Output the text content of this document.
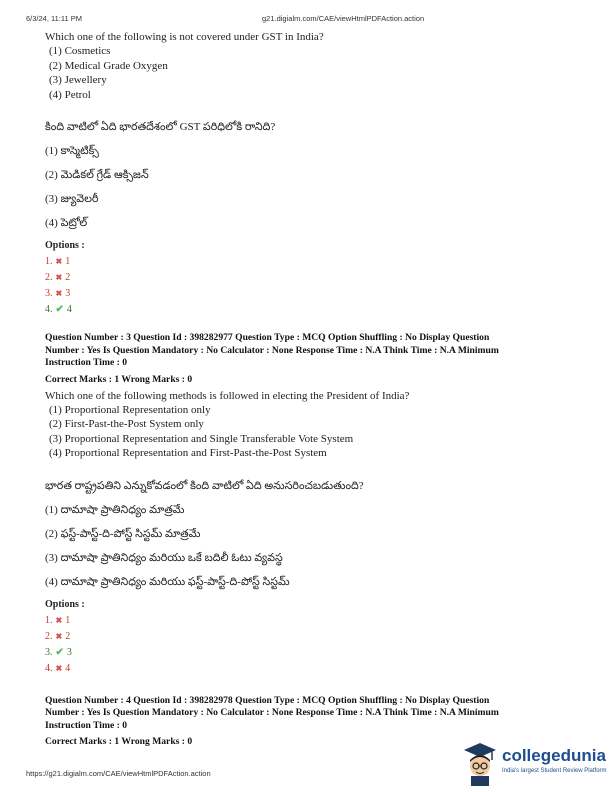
6/3/24, 11:11 PM	g21.digialm.com/CAE/viewHtmlPDFAction.action

Which one of the following is not covered under GST in India?

(1) Cosmetics
(2) Medical Grade Oxygen
(3) Jewellery
(4) Petrol
కింది వాటిలో ఏది భారతదేశంలో GST పరిధిలోకి రానిది?
(1) కాస్మెటిక్స్
(2) మెడికల్ గ్రేడ్ ఆక్సిజన్
(3) జ్యువెలరీ
(4) పెట్రోల్
Options :
1. ✖ 1
2. ✖ 2
3. ✖ 3
4. ✔ 4
Question Number : 3 Question Id : 398282977 Question Type : MCQ Option Shuffling : No Display Question
Number : Yes Is Question Mandatory : No Calculator : None Response Time : N.A Think Time : N.A Minimum
Instruction Time : 0
Correct Marks : 1 Wrong Marks : 0

Which one of the following methods is followed in electing the President of India?

(1) Proportional Representation only
(2) First-Past-the-Post System only
(3) Proportional Representation and Single Transferable Vote System
(4) Proportional Representation and First-Past-the-Post System
భారత రాష్ట్రపతిని ఎన్నుకోవడంలో కింది వాటిలో ఏది అనుసరించబడుతుంది?
(1) దామాషా ప్రాతినిధ్యం మాత్రమే
(2) ఫస్ట్-పాస్ట్-ది-పోస్ట్ సిస్టమ్ మాత్రమే
(3) దామాషా ప్రాతినిధ్యం మరియు ఒకే బదిలీ ఓటు వ్యవస్థ
(4) దామాషా ప్రాతినిధ్యం మరియు ఫస్ట్-పాస్ట్-ది-పోస్ట్ సిస్టమ్
Options :
1. ✖ 1
2. ✖ 2
3. ✔ 3
4. ✖ 4
Question Number : 4 Question Id : 398282978 Question Type : MCQ Option Shuffling : No Display Question
Number : Yes Is Question Mandatory : No Calculator : None Response Time : N.A Think Time : N.A Minimum
Instruction Time : 0
Correct Marks : 1 Wrong Marks : 0
https://g21.digialm.com/CAE/viewHtmlPDFAction.action
collegedunia
India's largest Student Review Platform
